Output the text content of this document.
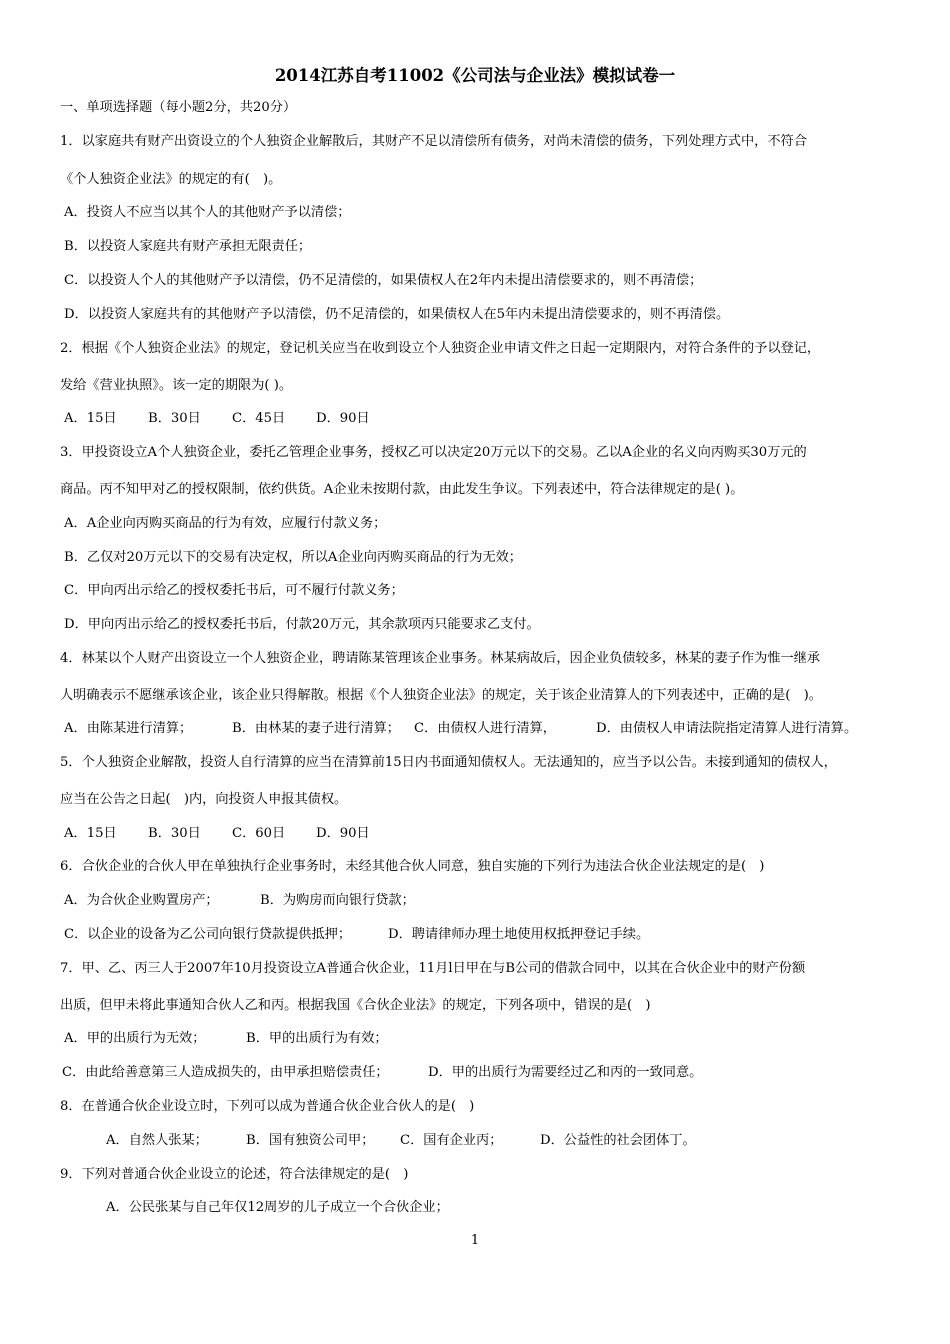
2014江苏自考11002《公司法与企业法》模拟试卷一
一、单项选择题（每小题2分，共20分）
1．以家庭共有财产出资设立的个人独资企业解散后，其财产不足以清偿所有债务，对尚未清偿的债务，下列处理方式中，不符合
《个人独资企业法》的规定的有(　)。
A．投资人不应当以其个人的其他财产予以清偿；
B．以投资人家庭共有财产承担无限责任；
C．以投资人个人的其他财产予以清偿，仍不足清偿的，如果债权人在2年内未提出清偿要求的，则不再清偿；
D．以投资人家庭共有的其他财产予以清偿，仍不足清偿的，如果债权人在5年内未提出清偿要求的，则不再清偿。
2．根据《个人独资企业法》的规定，登记机关应当在收到设立个人独资企业申请文件之日起一定期限内，对符合条件的予以登记，
发给《营业执照》。该一定的期限为( )。
A．15日 B．30日 C．45日 D．90日
3．甲投资设立A个人独资企业，委托乙管理企业事务，授权乙可以决定20万元以下的交易。乙以A企业的名义向丙购买30万元的
商品。丙不知甲对乙的授权限制，依约供货。A企业未按期付款，由此发生争议。下列表述中，符合法律规定的是( )。
A．A企业向丙购买商品的行为有效，应履行付款义务；
B．乙仅对20万元以下的交易有决定权，所以A企业向丙购买商品的行为无效；
C．甲向丙出示给乙的授权委托书后，可不履行付款义务；
D．甲向丙出示给乙的授权委托书后，付款20万元，其余款项丙只能要求乙支付。
4．林某以个人财产出资设立一个人独资企业，聘请陈某管理该企业事务。林某病故后，因企业负债较多，林某的妻子作为惟一继承
人明确表示不愿继承该企业，该企业只得解散。根据《个人独资企业法》的规定，关于该企业清算人的下列表述中，正确的是(　)。
A．由陈某进行清算；	B．由林某的妻子进行清算； C．由债权人进行清算，	D．由债权人申请法院指定清算人进行清算。
5．个人独资企业解散，投资人自行清算的应当在清算前15日内书面通知债权人。无法通知的，应当予以公告。未接到通知的债权人，
应当在公告之日起(　)内，向投资人申报其债权。
A．15日 B．30日 C．60日 D．90日
6．合伙企业的合伙人甲在单独执行企业事务时，未经其他合伙人同意，独自实施的下列行为违法合伙企业法规定的是(　)
A．为合伙企业购置房产；	B．为购房而向银行贷款；
C．以企业的设备为乙公司向银行贷款提供抵押；	D．聘请律师办理土地使用权抵押登记手续。
7．甲、乙、丙三人于2007年10月投资设立A普通合伙企业，11月l日甲在与B公司的借款合同中，以其在合伙企业中的财产份额
出质，但甲未将此事通知合伙人乙和丙。根据我国《合伙企业法》的规定，下列各项中，错误的是(　)
A．甲的出质行为无效；	B．甲的出质行为有效；
C．由此给善意第三人造成损失的，由甲承担赔偿责任；	D．甲的出质行为需要经过乙和丙的一致同意。
8．在普通合伙企业设立时，下列可以成为普通合伙企业合伙人的是(　)
A．自然人张某；	B．国有独资公司甲； C．国有企业丙；	D．公益性的社会团体丁。
9．下列对普通合伙企业设立的论述，符合法律规定的是(　)
A．公民张某与自己年仅12周岁的儿子成立一个合伙企业；
1
